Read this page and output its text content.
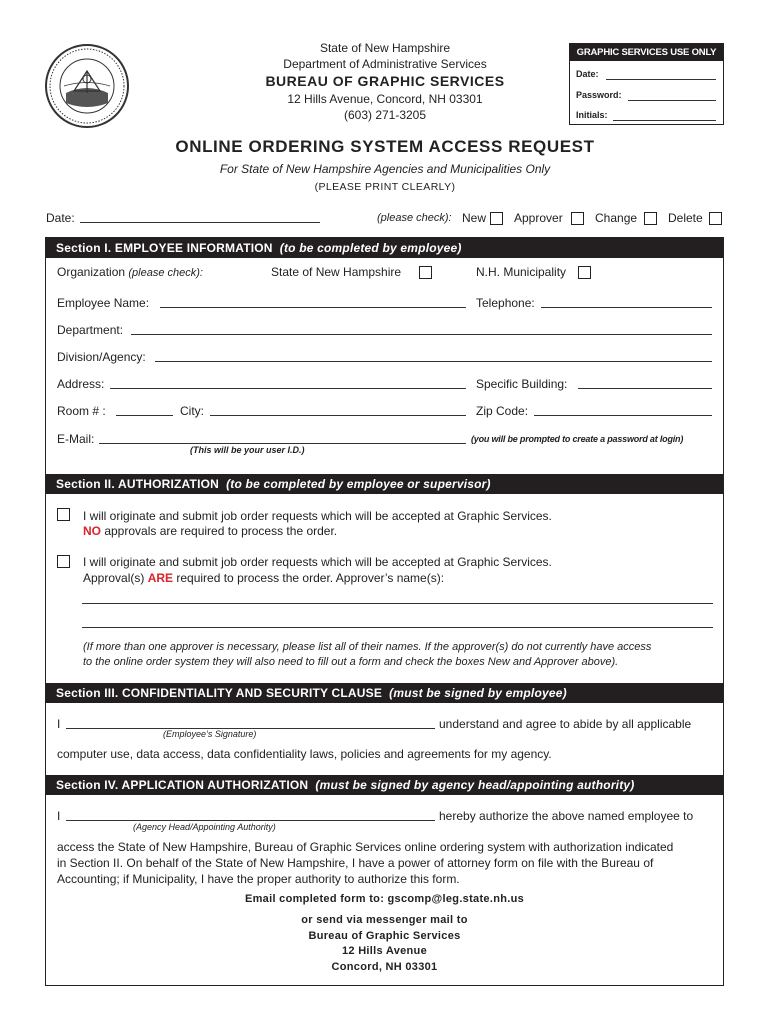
State of New Hampshire
Department of Administrative Services
BUREAU OF GRAPHIC SERVICES
12 Hills Avenue, Concord, NH 03301
(603) 271-3205
GRAPHIC SERVICES USE ONLY
Date:
Password:
Initials:
ONLINE ORDERING SYSTEM ACCESS REQUEST
For State of New Hampshire Agencies and Municipalities Only
(PLEASE PRINT CLEARLY)
Date:	(please check): New Approver	Change	Delete
Section I. EMPLOYEE INFORMATION (to be completed by employee)
Organization (please check):	State of New Hampshire	N.H. Municipality
Employee Name:	Telephone:
Department:
Division/Agency:
Address:	Specific Building:
Room # :	City:	Zip Code:
E-Mail:
(This will be your user I.D.)
(you will be prompted to create a password at login)
Section II. AUTHORIZATION (to be completed by employee or supervisor)
I will originate and submit job order requests which will be accepted at Graphic Services.
NO approvals are required to process the order.
I will originate and submit job order requests which will be accepted at Graphic Services.
Approval(s) ARE required to process the order. Approver’s name(s):
(If more than one approver is necessary, please list all of their names. If the approver(s) do not currently have access
to the online order system they will also need to fill out a form and check the boxes New and Approver above).
Section III. CONFIDENTIALITY AND SECURITY CLAUSE (must be signed by employee)
I	understand and agree to abide by all applicable
(Employee’s Signature)
computer use, data access, data confidentiality laws, policies and agreements for my agency.
Section IV. APPLICATION AUTHORIZATION (must be signed by agency head/appointing authority)
I	hereby authorize the above named employee to
(Agency Head/Appointing Authority)
access the State of New Hampshire, Bureau of Graphic Services online ordering system with authorization indicated
in Section II. On behalf of the State of New Hampshire, I have a power of attorney form on file with the Bureau of
Accounting; if Municipality, I have the proper authority to authorize this form.
Email completed form to: gscomp@leg.state.nh.us
or send via messenger mail to
Bureau of Graphic Services
12 Hills Avenue
Concord, NH 03301
